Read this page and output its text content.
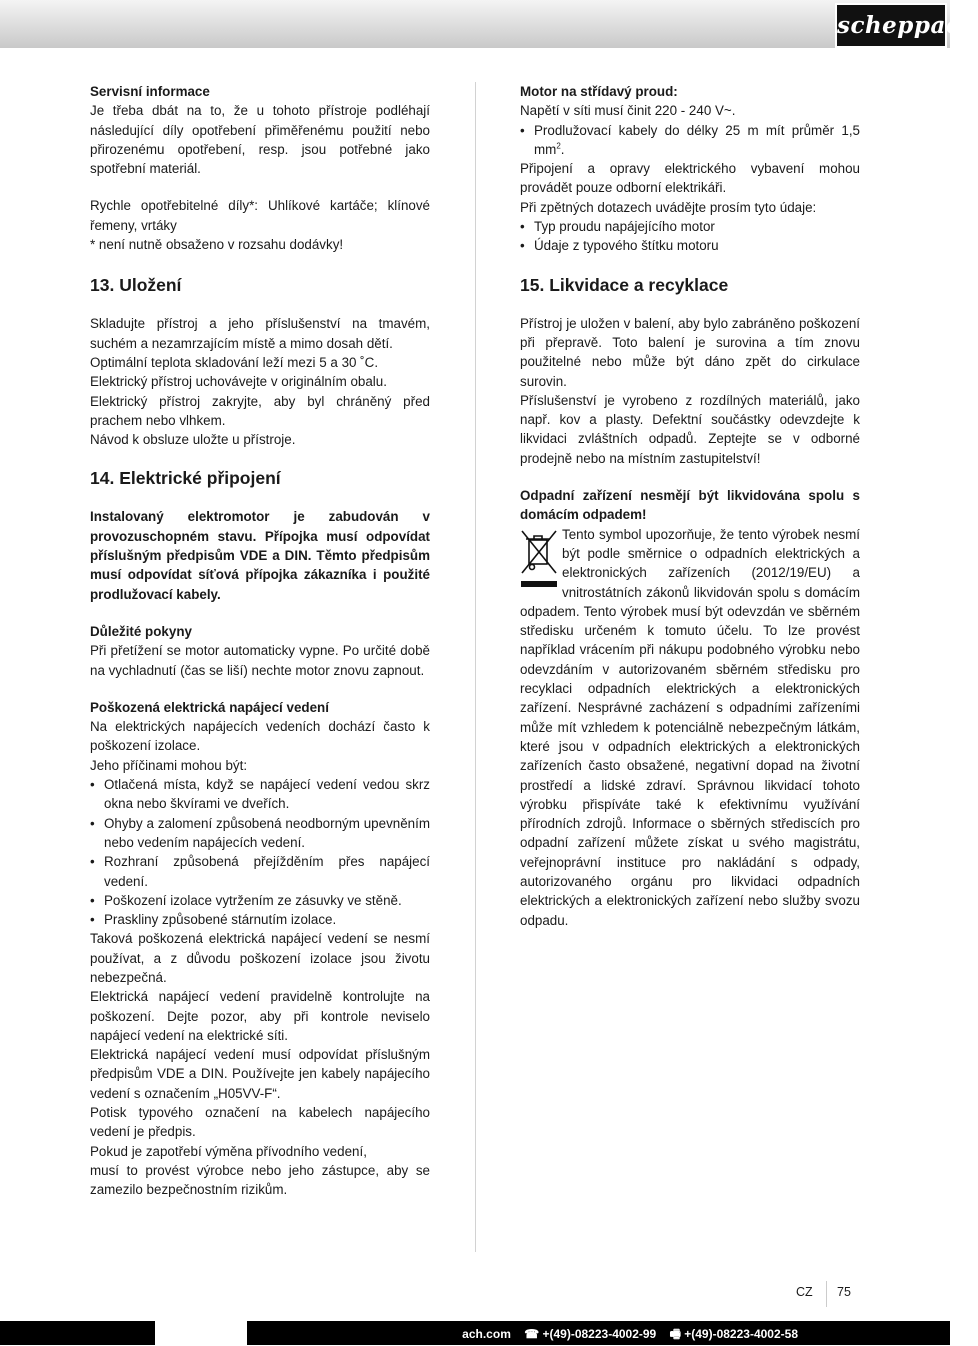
scheppach

Servisní informace

Je třeba dbát na to, že u tohoto přístroje podléhají následující díly opotřebení přiměřenému použití nebo přirozenému opotřebení, resp. jsou potřebné jako spotřební materiál.

Rychle opotřebitelné díly*: Uhlíkové kartáče; klínové řemeny, vrtáky

* není nutně obsaženo v rozsahu dodávky!

13. Uložení

Skladujte přístroj a jeho příslušenství na tmavém, suchém a nezamrzajícím místě a mimo dosah dětí.

Optimální teplota skladování leží mezi 5 a 30 ˚C.

Elektrický přístroj uchovávejte v originálním obalu.

Elektrický přístroj zakryjte, aby byl chráněný před prachem nebo vlhkem.

Návod k obsluze uložte u přístroje.

14. Elektrické připojení

Instalovaný elektromotor je zabudován v provozuschopném stavu. Přípojka musí odpovídat příslušným předpisům VDE a DIN. Těmto předpisům musí odpovídat síťová přípojka zákazníka i použité prodlužovací kabely.

Důležité pokyny

Při přetížení se motor automaticky vypne. Po určité době na vychladnutí (čas se liší) nechte motor znovu zapnout.

Poškozená elektrická napájecí vedení

Na elektrických napájecích vedeních dochází často k poškození izolace.

Jeho příčinami mohou být:

• Otlačená místa, když se napájecí vedení vedou skrz okna nebo škvírami ve dveřích.
• Ohyby a zalomení způsobená neodborným upevněním nebo vedením napájecích vedení.
• Rozhraní způsobená přejížděním přes napájecí vedení.
• Poškození izolace vytržením ze zásuvky ve stěně.
• Praskliny způsobené stárnutím izolace.

Taková poškozená elektrická napájecí vedení se nesmí používat, a z důvodu poškození izolace jsou životu nebezpečná.

Elektrická napájecí vedení pravidelně kontrolujte na poškození. Dejte pozor, aby při kontrole neviselo napájecí vedení na elektrické síti.

Elektrická napájecí vedení musí odpovídat příslušným předpisům VDE a DIN. Používejte jen kabely napájecího vedení s označením „H05VV-F“.

Potisk typového označení na kabelech napájecího vedení je předpis.

Pokud je zapotřebí výměna přívodního vedení,

musí to provést výrobce nebo jeho zástupce, aby se zamezilo bezpečnostním rizikům.

Motor na střídavý proud:

Napětí v síti musí činit 220 - 240 V~.

• Prodlužovací kabely do délky 25 m mít průměr 1,5 $mm^2$.

Připojení a opravy elektrického vybavení mohou provádět pouze odborní elektrikáři.

Při zpětných dotazech uvádějte prosím tyto údaje:

• Typ proudu napájejícího motor
• Údaje z typového štítku motoru

15. Likvidace a recyklace

Přístroj je uložen v balení, aby bylo zabráněno poškození při přepravě. Toto balení je surovina a tím znovu použitelné nebo může být dáno zpět do cirkulace surovin.

Příslušenství je vyrobeno z rozdílných materiálů, jako např. kov a plasty. Defektní součástky odevzdejte k likvidaci zvláštních odpadů. Zeptejte se v odborné prodejně nebo na místním zastupitelství!

Odpadní zařízení nesmějí být likvidována spolu s domácím odpadem!

Tento symbol upozorňuje, že tento výrobek nesmí být podle směrnice o odpadních elektrických a elektronických zařízeních (2012/19/EU) a vnitrostátních zákonů likvidován spolu s domácím odpadem. Tento výrobek musí být odevzdán ve sběrném středisku určeném k tomuto účelu. To lze provést například vrácením při nákupu podobného výrobku nebo odevzdáním v autorizovaném sběrném středisku pro recyklaci odpadních elektrických a elektronických zařízení. Nesprávné zacházení s odpadními zařízeními může mít vzhledem k potenciálně nebezpečným látkám, které jsou v odpadních elektrických a elektronických zařízeních často obsažené, negativní dopad na životní prostředí a lidské zdraví. Správnou likvidací tohoto výrobku přispíváte také k efektivnímu využívání přírodních zdrojů. Informace o sběrných střediscích pro odpadní zařízení můžete získat u svého magistrátu, veřejnoprávní instituce pro nakládání s odpady, autorizovaného orgánu pro likvidaci odpadních elektrických a elektronických zařízení nebo služby svozu odpadu.

CZ 75
ach.com ☎ +(49)-08223-4002-99 🖷 +(49)-08223-4002-58
